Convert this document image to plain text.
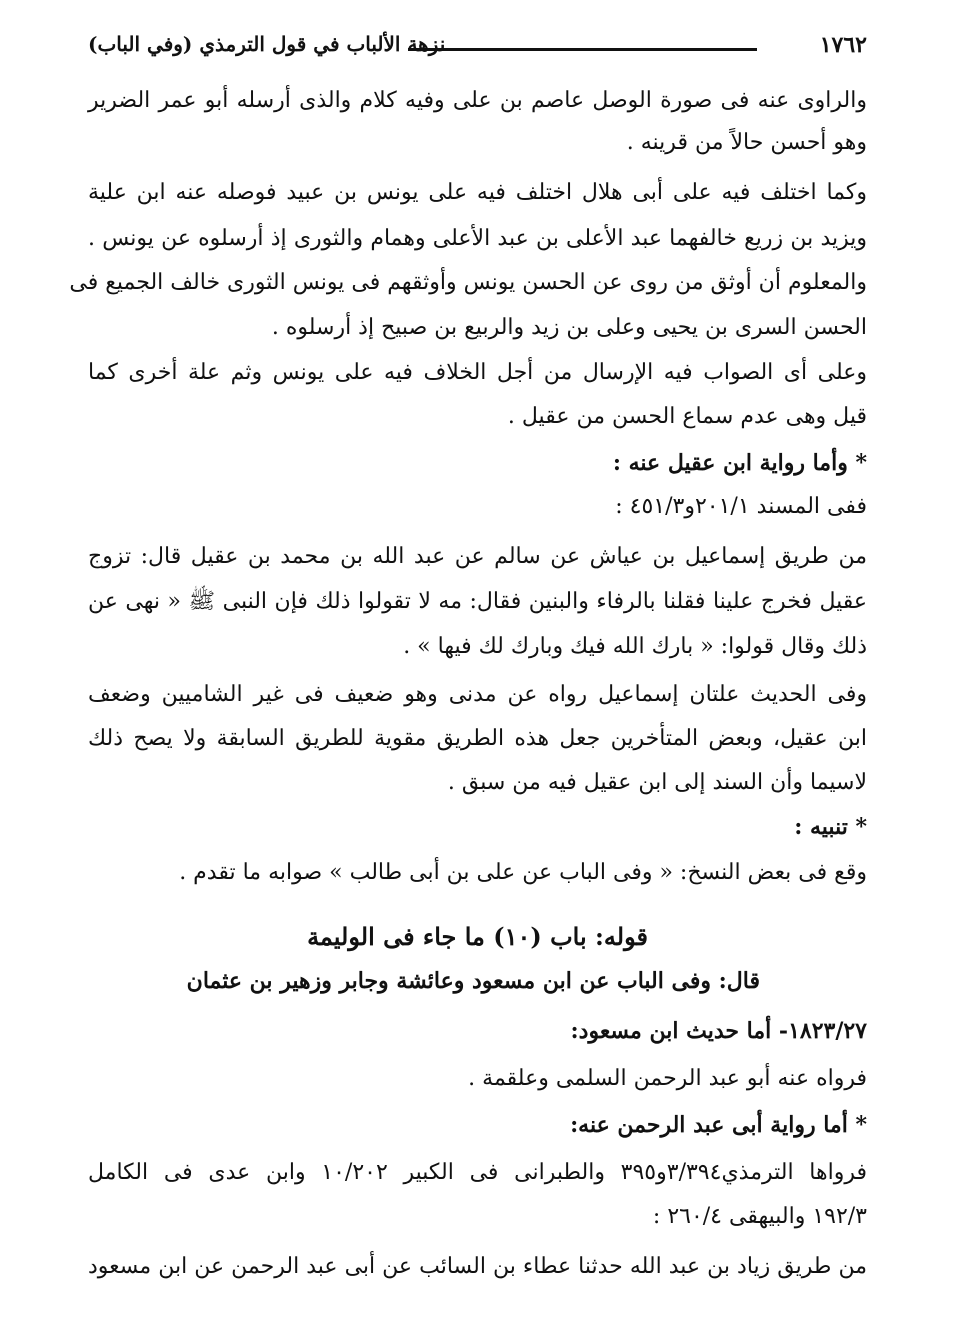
١٧٦٢
نزهة الألباب في قول الترمذي (وفي الباب)
والراوى عنه فى صورة الوصل عاصم بن على وفيه كلام والذى أرسله أبو عمر الضرير
وهو أحسن حالاً من قرينه .
وكما اختلف فيه على أبى هلال اختلف فيه على يونس بن عبيد فوصله عنه ابن علية
ويزيد بن زريع خالفهما عبد الأعلى بن عبد الأعلى وهمام والثورى إذ أرسلوه عن يونس .
والمعلوم أن أوثق من روى عن الحسن يونس وأوثقهم فى يونس الثورى خالف الجميع فى
الحسن السرى بن يحيى وعلى بن زيد والربيع بن صبيح إذ أرسلوه .
وعلى أى الصواب فيه الإرسال من أجل الخلاف فيه على يونس وثم علة أخرى كما
قيل وهى عدم سماع الحسن من عقيل .
* وأما رواية ابن عقيل عنه :
ففى المسند ٢٠١/١و٤٥١/٣ :
من طريق إسماعيل بن عياش عن سالم عن عبد الله بن محمد بن عقيل قال: تزوج
عقيل فخرج علينا فقلنا بالرفاء والبنين فقال: مه لا تقولوا ذلك فإن النبى ﷺ « نهى عن
ذلك وقال قولوا: « بارك الله فيك وبارك لك فيها » .
وفى الحديث علتان إسماعيل رواه عن مدنى وهو ضعيف فى غير الشاميين وضعف
ابن عقيل، وبعض المتأخرين جعل هذه الطريق مقوية للطريق السابقة ولا يصح ذلك
لاسيما وأن السند إلى ابن عقيل فيه من سبق .
* تنبيه :
وقع فى بعض النسخ: « وفى الباب عن على بن أبى طالب » صوابه ما تقدم .
قوله: باب (١٠) ما جاء فى الوليمة
قال: وفى الباب عن ابن مسعود وعائشة وجابر وزهير بن عثمان
١٨٢٣/٢٧- أما حديث ابن مسعود:
فرواه عنه أبو عبد الرحمن السلمى وعلقمة .
* أما رواية أبى عبد الرحمن عنه:
فرواها الترمذي٣/٣٩٤و٣٩٥ والطبرانى فى الكبير ١٠/٢٠٢ وابن عدى فى الكامل
١٩٢/٣ والبيهقى ٢٦٠/٤ :
من طريق زياد بن عبد الله حدثنا عطاء بن السائب عن أبى عبد الرحمن عن ابن مسعود
